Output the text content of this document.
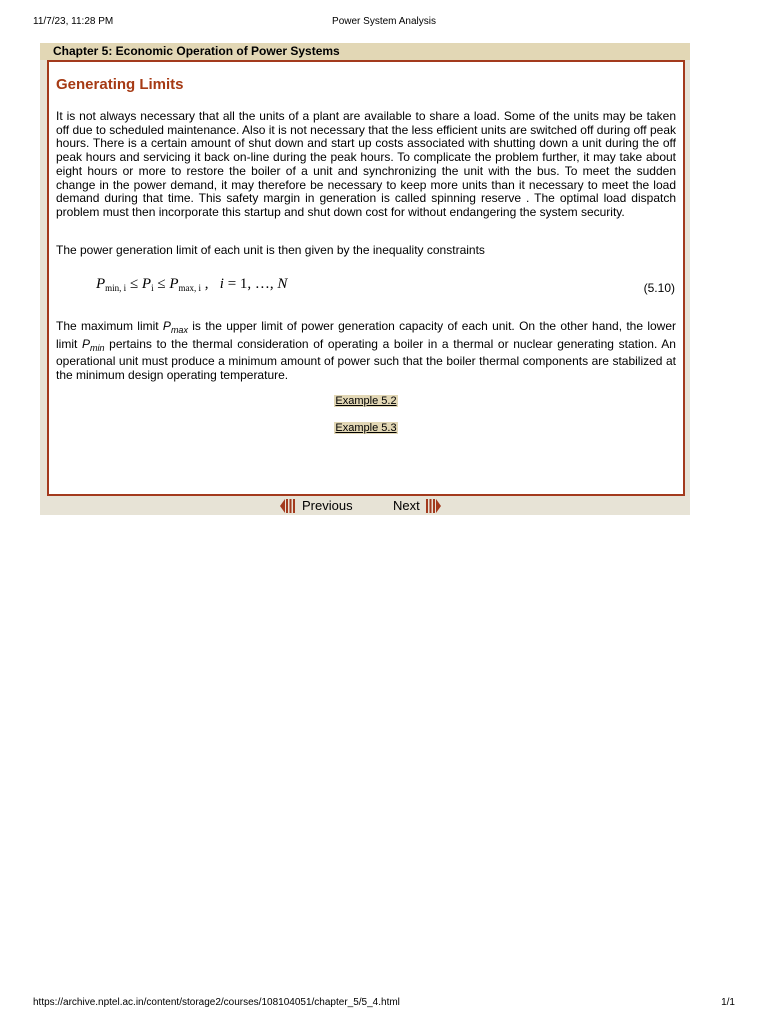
11/7/23, 11:28 PM	Power System Analysis
Chapter 5: Economic Operation of Power Systems
Generating Limits

It is not always necessary that all the units of a plant are available to share a load. Some of the units may be taken off due to scheduled maintenance. Also it is not necessary that the less efficient units are switched off during off peak hours. There is a certain amount of shut down and start up costs associated with shutting down a unit during the off peak hours and servicing it back on-line during the peak hours. To complicate the problem further, it may take about eight hours or more to restore the boiler of a unit and synchronizing the unit with the bus. To meet the sudden change in the power demand, it may therefore be necessary to keep more units than it necessary to meet the load demand during that time. This safety margin in generation is called spinning reserve . The optimal load dispatch problem must then incorporate this startup and shut down cost for without endangering the system security.

The power generation limit of each unit is then given by the inequality constraints

$P_{min, i} \le P_i \le P_{max, i}$ , i = 1, …, N	(5.10)

The maximum limit $P_{max}$ is the upper limit of power generation capacity of each unit. On the other hand, the lower limit $P_{min}$ pertains to the thermal consideration of operating a boiler in a thermal or nuclear generating station. An operational unit must produce a minimum amount of power such that the boiler thermal components are stabilized at the minimum design operating temperature.

Example 5.2
Example 5.3
Previous	Next
https://archive.nptel.ac.in/content/storage2/courses/108104051/chapter_5/5_4.html	1/1
